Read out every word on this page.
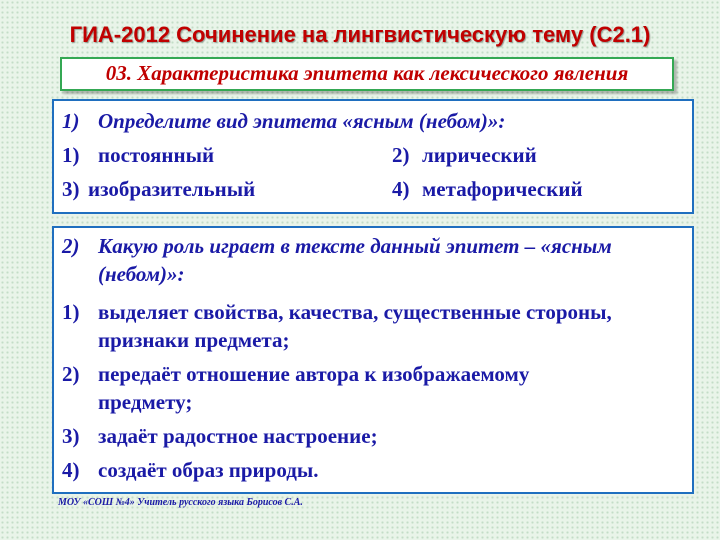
ГИА-2012 Сочинение на лингвистическую тему (С2.1)
03. Характеристика эпитета как лексического явления
1) Определите вид эпитета «ясным (небом)»:
1) постоянный	2) лирический
3) изобразительный	4) метафорический
2) Какую роль играет в тексте данный эпитет – «ясным
(небом)»:
1) выделяет свойства, качества, существенные стороны,
признаки предмета;
2) передаёт отношение автора к изображаемому
предмету;
3) задаёт радостное настроение;
4) создаёт образ природы.
МОУ «СОШ №4» Учитель русского языка Борисов С.А.
